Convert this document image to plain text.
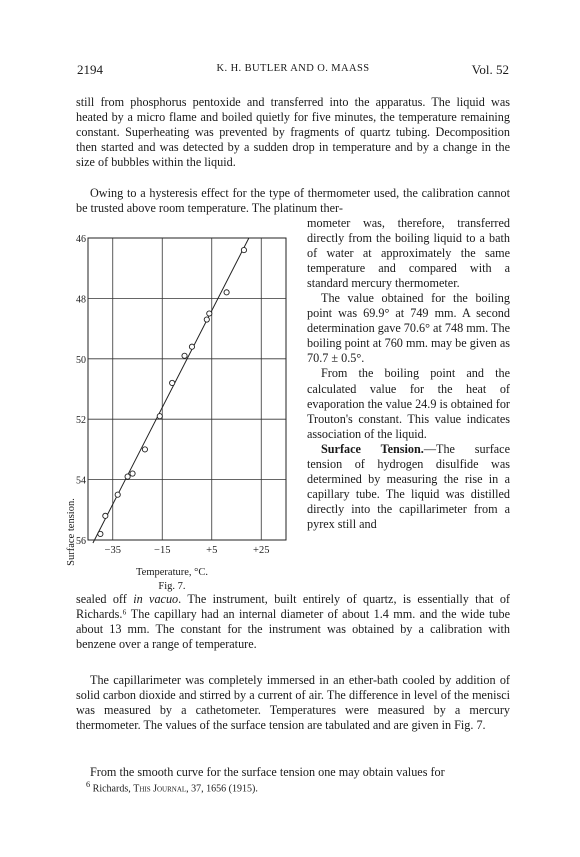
2194	K. H. BUTLER AND O. MAASS	Vol. 52

still from phosphorus pentoxide and transferred into the apparatus. The liquid was heated by a micro flame and boiled quietly for five minutes, the temperature remaining constant. Superheating was prevented by fragments of quartz tubing. Decomposition then started and was detected by a sudden drop in temperature and by a change in the size of bubbles within the liquid.

Owing to a hysteresis effect for the type of thermometer used, the calibration cannot be trusted above room temperature. The platinum ther-

mometer was, therefore, transferred directly from the boiling liquid to a bath of water at approximately the same temperature and compared with a standard mercury thermometer.

The value obtained for the boiling point was 69.9° at 749 mm. A second determination gave 70.6° at 748 mm. The boiling point at 760 mm. may be given as 70.7 ± 0.5°.

From the boiling point and the calculated value for the heat of evaporation the value 24.9 is obtained for Trouton's constant. This value indicates association of the liquid.

Surface Tension.—The surface tension of hydrogen disulfide was determined by measuring the rise in a capillary tube. The liquid was distilled directly into the capillarimeter from a pyrex still and

sealed off in vacuo. The instrument, built entirely of quartz, is essentially that of Richards.⁶ The capillary had an internal diameter of about 1.4 mm. and the wide tube about 13 mm. The constant for the instrument was obtained by a calibration with benzene over a range of temperature.

The capillarimeter was completely immersed in an ether-bath cooled by addition of solid carbon dioxide and stirred by a current of air. The difference in level of the menisci was measured by a cathetometer. Temperatures were measured by a mercury thermometer. The values of the surface tension are tabulated and are given in Fig. 7.

From the smooth curve for the surface tension one may obtain values for

$^6$ Richards, This Journal, 37, 1656 (1915).
−35	−15	+5	+25
46
48
50
52
54
56
Surface tension.
Temperature, °C.
Fig. 7.
